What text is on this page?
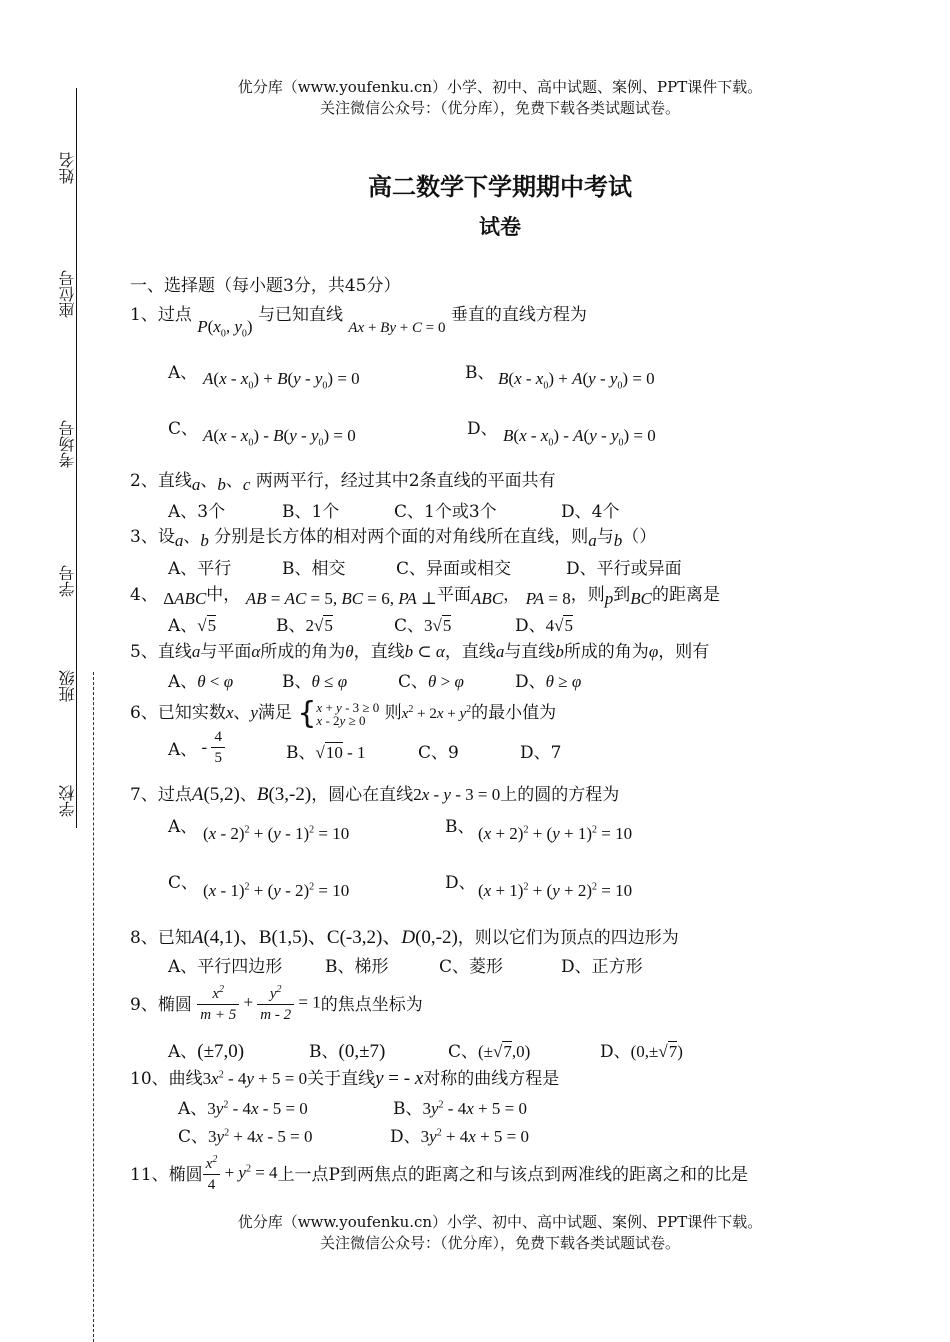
姓名
座位号
考场号
学号
班级
学校
优分库（www.youfenku.cn）小学、初中、高中试题、案例、PPT课件下载。
关注微信公众号：（优分库），免费下载各类试题试卷。
高二数学下学期期中考试
试卷
一、选择题（每小题3分，共45分）
1、过点 $P(x_0$, $y_0$) 与已知直线 Ax + By + C = 0 垂直的直线方程为
A、 $A(x - x_0) + B(y - y_0) = 0$	B、 $B(x - x_0) + A(y - y_0) = 0$
C、 $A(x - x_0) - B(y - y_0) = 0$	D、 $B(x - x_0) - A(y - y_0) = 0$
2、直线a、b、c 两两平行，经过其中2条直线的平面共有
A、3个	B、1个	C、1个或3个	D、4个
3、设a、b 分别是长方体的相对两个面的对角线所在直线，则a与b（）
A、平行	B、相交	C、异面或相交	D、平行或异面
4、 ΔABC中， AB = AC = 5, BC = 6, PA ⊥平面ABC， PA = 8，则p到BC的距离是
A、√5	B、2√5	C、3√5	D、4√5
5、直线a与平面α所成的角为θ，直线b ⊂ α，直线a与直线b所成的角为φ，则有
A、θ < φ	B、θ ≤ φ	C、θ > φ	D、θ ≥ φ
6、已知实数x、y满足 {x + y - 3 ≥ 0
x - 2y ≥ 0 则$x^2 + 2x + y^2$的最小值为
A、 - $\frac{4}{5}$	B、√10 - 1	C、9	D、7
7、过点A(5,2)、B(3,-2)，圆心在直线2x - y - 3 = 0上的圆的方程为
A、 (x - 2)$^2$ + (y - 1)$^2$ = 10	B、 $(x + 2)^2 + (y + 1)^2 = 10$
C、 (x - 1)$^2$ + (y - 2)$^2$ = 10	D、 $(x + 1)^2 + (y + 2)^2 = 10$
8、已知A(4,1)、B(1,5)、C(-3,2)、D(0,-2)，则以它们为顶点的四边形为
A、平行四边形	B、梯形	C、菱形	D、正方形
9、椭圆 $\frac{x^2}{m + 5} + \frac{y^2}{m - 2} = 1$的焦点坐标为
A、(±7,0)	B、(0,±7)	C、(±√7,0)	D、(0,±√7)
10、曲线$3x^2 - 4y + 5 = 0$关于直线y = - x对称的曲线方程是
A、$3y^2 - 4x - 5 = 0$	B、$3y^2 - 4x + 5 = 0$
C、$3y^2 + 4x - 5 = 0$	D、$3y^2 + 4x + 5 = 0$
11、椭圆 $\frac{x^2}{4} + y^2 = 4$上一点P到两焦点的距离之和与该点到两准线的距离之和的比是
优分库（www.youfenku.cn）小学、初中、高中试题、案例、PPT课件下载。
关注微信公众号：（优分库），免费下载各类试题试卷。
